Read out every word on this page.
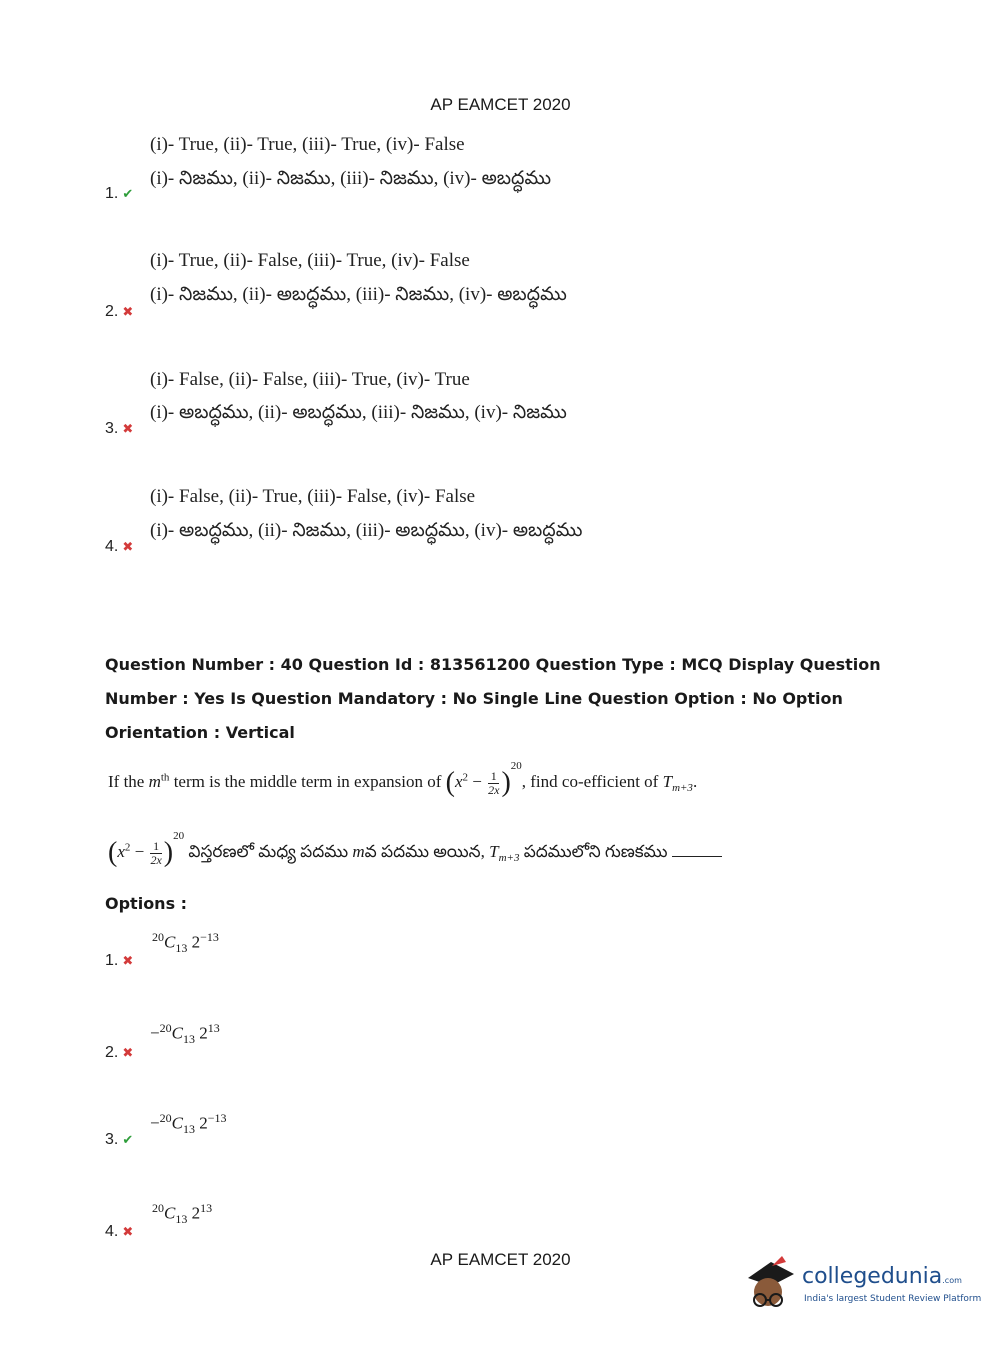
AP EAMCET 2020
(i)- True, (ii)- True, (iii)- True, (iv)- False
(i)- నిజము, (ii)- నిజము, (iii)- నిజము, (iv)- అబద్ధము
1. ✔
(i)- True, (ii)- False, (iii)- True, (iv)- False
(i)- నిజము, (ii)- అబద్ధము, (iii)- నిజము, (iv)- అబద్ధము
2. ✖
(i)- False, (ii)- False, (iii)- True, (iv)- True
(i)- అబద్ధము, (ii)- అబద్ధము, (iii)- నిజము, (iv)- నిజము
3. ✖
(i)- False, (ii)- True, (iii)- False, (iv)- False
(i)- అబద్ధము, (ii)- నిజము, (iii)- అబద్ధము, (iv)- అబద్ధము
4. ✖
Question Number : 40 Question Id : 813561200 Question Type : MCQ Display Question
Number : Yes Is Question Mandatory : No Single Line Question Option : No Option
Orientation : Vertical
If the $m^{th}$ term is the middle term in expansion of $(x^2 - \frac{1}{2x} )^{20}$, find co-efficient of $T_{m+3}$.
$(x^2 - \frac{1}{2x} )^{20}$ విస్తరణలో మధ్య పదము mవ పదము అయిన, $T_{m+3}$ పదములోని గుణకము
Options :
$^{20}C_{13}$ $2^{-13}$
1. ✖
$-^{20}C_{13}$ $2^{13}$
2. ✖
$-^{20}C_{13}$ $2^{-13}$
3. ✔
$^{20}C_{13}$ $2^{13}$
4. ✖
AP EAMCET 2020
collegedunia.com
India's largest Student Review Platform
